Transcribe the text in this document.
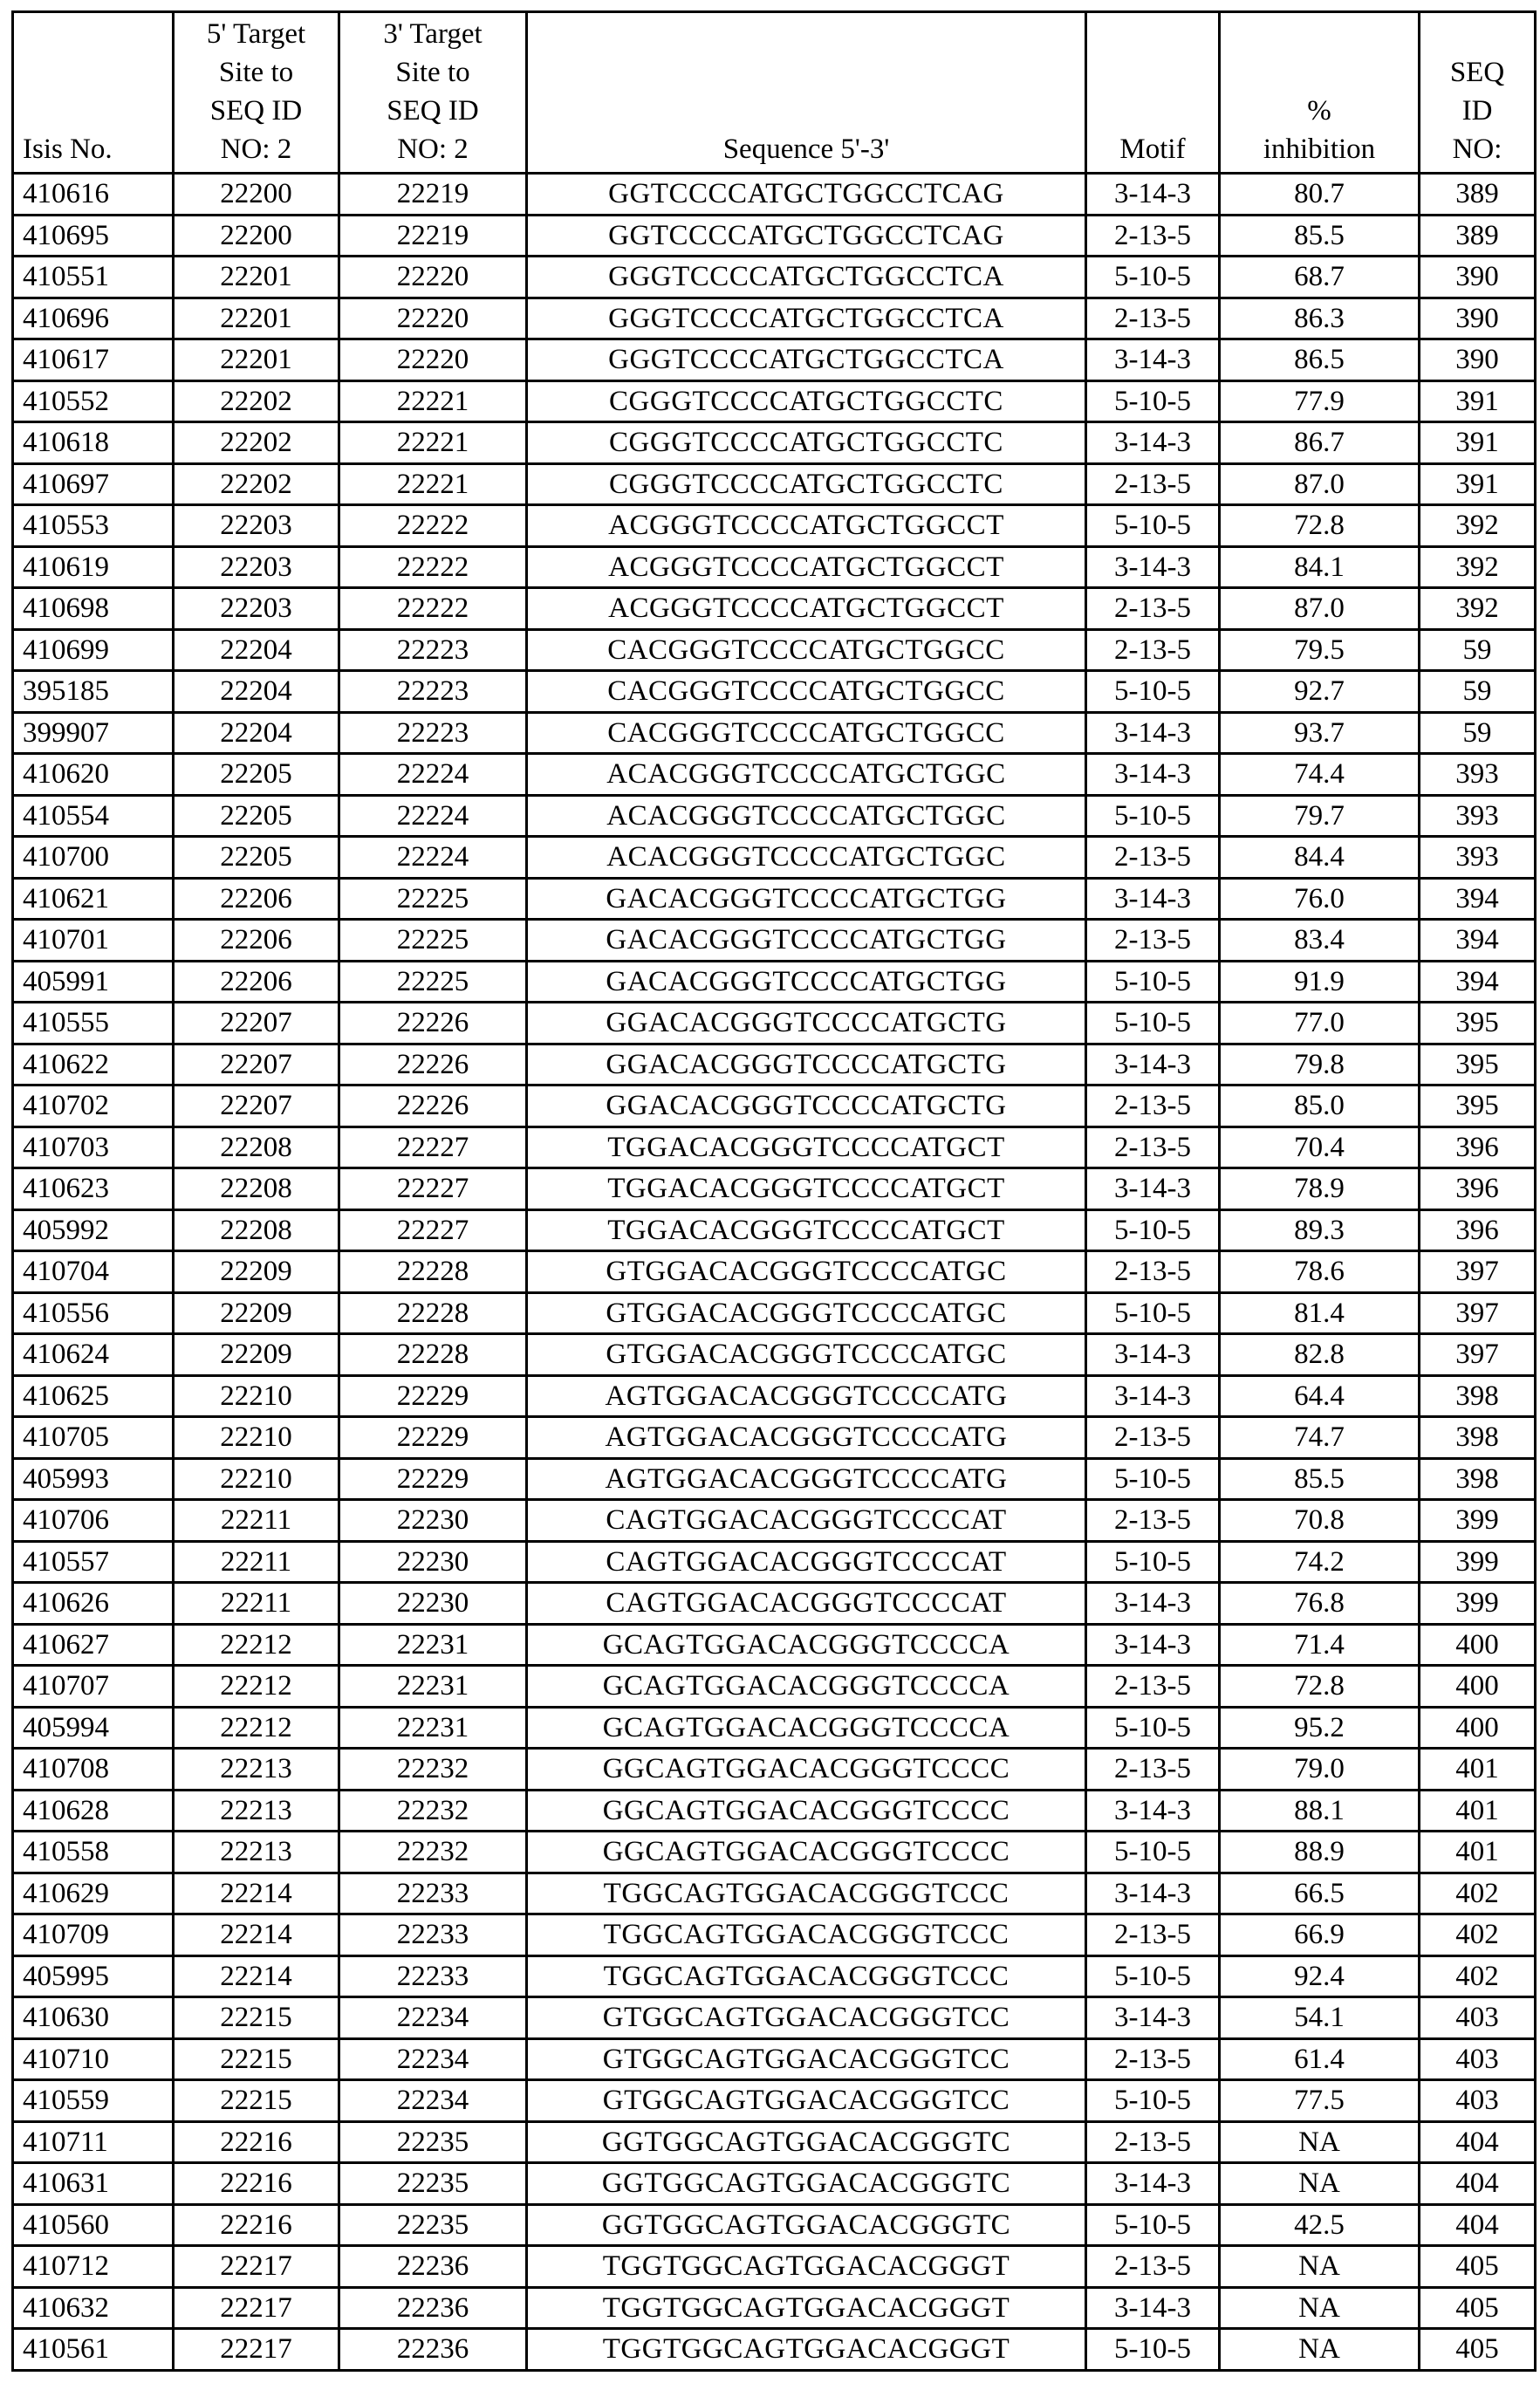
Isis No.	5' Target
Site to
SEQ ID
NO: 2	3' Target
Site to
SEQ ID
NO: 2	Sequence 5'-3'	Motif	%
inhibition	SEQ
ID
NO:
410616	22200	22219	GGTCCCCATGCTGGCCTCAG	3-14-3	80.7	389
410695	22200	22219	GGTCCCCATGCTGGCCTCAG	2-13-5	85.5	389
410551	22201	22220	GGGTCCCCATGCTGGCCTCA	5-10-5	68.7	390
410696	22201	22220	GGGTCCCCATGCTGGCCTCA	2-13-5	86.3	390
410617	22201	22220	GGGTCCCCATGCTGGCCTCA	3-14-3	86.5	390
410552	22202	22221	CGGGTCCCCATGCTGGCCTC	5-10-5	77.9	391
410618	22202	22221	CGGGTCCCCATGCTGGCCTC	3-14-3	86.7	391
410697	22202	22221	CGGGTCCCCATGCTGGCCTC	2-13-5	87.0	391
410553	22203	22222	ACGGGTCCCCATGCTGGCCT	5-10-5	72.8	392
410619	22203	22222	ACGGGTCCCCATGCTGGCCT	3-14-3	84.1	392
410698	22203	22222	ACGGGTCCCCATGCTGGCCT	2-13-5	87.0	392
410699	22204	22223	CACGGGTCCCCATGCTGGCC	2-13-5	79.5	59
395185	22204	22223	CACGGGTCCCCATGCTGGCC	5-10-5	92.7	59
399907	22204	22223	CACGGGTCCCCATGCTGGCC	3-14-3	93.7	59
410620	22205	22224	ACACGGGTCCCCATGCTGGC	3-14-3	74.4	393
410554	22205	22224	ACACGGGTCCCCATGCTGGC	5-10-5	79.7	393
410700	22205	22224	ACACGGGTCCCCATGCTGGC	2-13-5	84.4	393
410621	22206	22225	GACACGGGTCCCCATGCTGG	3-14-3	76.0	394
410701	22206	22225	GACACGGGTCCCCATGCTGG	2-13-5	83.4	394
405991	22206	22225	GACACGGGTCCCCATGCTGG	5-10-5	91.9	394
410555	22207	22226	GGACACGGGTCCCCATGCTG	5-10-5	77.0	395
410622	22207	22226	GGACACGGGTCCCCATGCTG	3-14-3	79.8	395
410702	22207	22226	GGACACGGGTCCCCATGCTG	2-13-5	85.0	395
410703	22208	22227	TGGACACGGGTCCCCATGCT	2-13-5	70.4	396
410623	22208	22227	TGGACACGGGTCCCCATGCT	3-14-3	78.9	396
405992	22208	22227	TGGACACGGGTCCCCATGCT	5-10-5	89.3	396
410704	22209	22228	GTGGACACGGGTCCCCATGC	2-13-5	78.6	397
410556	22209	22228	GTGGACACGGGTCCCCATGC	5-10-5	81.4	397
410624	22209	22228	GTGGACACGGGTCCCCATGC	3-14-3	82.8	397
410625	22210	22229	AGTGGACACGGGTCCCCATG	3-14-3	64.4	398
410705	22210	22229	AGTGGACACGGGTCCCCATG	2-13-5	74.7	398
405993	22210	22229	AGTGGACACGGGTCCCCATG	5-10-5	85.5	398
410706	22211	22230	CAGTGGACACGGGTCCCCAT	2-13-5	70.8	399
410557	22211	22230	CAGTGGACACGGGTCCCCAT	5-10-5	74.2	399
410626	22211	22230	CAGTGGACACGGGTCCCCAT	3-14-3	76.8	399
410627	22212	22231	GCAGTGGACACGGGTCCCCA	3-14-3	71.4	400
410707	22212	22231	GCAGTGGACACGGGTCCCCA	2-13-5	72.8	400
405994	22212	22231	GCAGTGGACACGGGTCCCCA	5-10-5	95.2	400
410708	22213	22232	GGCAGTGGACACGGGTCCCC	2-13-5	79.0	401
410628	22213	22232	GGCAGTGGACACGGGTCCCC	3-14-3	88.1	401
410558	22213	22232	GGCAGTGGACACGGGTCCCC	5-10-5	88.9	401
410629	22214	22233	TGGCAGTGGACACGGGTCCC	3-14-3	66.5	402
410709	22214	22233	TGGCAGTGGACACGGGTCCC	2-13-5	66.9	402
405995	22214	22233	TGGCAGTGGACACGGGTCCC	5-10-5	92.4	402
410630	22215	22234	GTGGCAGTGGACACGGGTCC	3-14-3	54.1	403
410710	22215	22234	GTGGCAGTGGACACGGGTCC	2-13-5	61.4	403
410559	22215	22234	GTGGCAGTGGACACGGGTCC	5-10-5	77.5	403
410711	22216	22235	GGTGGCAGTGGACACGGGTC	2-13-5	NA	404
410631	22216	22235	GGTGGCAGTGGACACGGGTC	3-14-3	NA	404
410560	22216	22235	GGTGGCAGTGGACACGGGTC	5-10-5	42.5	404
410712	22217	22236	TGGTGGCAGTGGACACGGGT	2-13-5	NA	405
410632	22217	22236	TGGTGGCAGTGGACACGGGT	3-14-3	NA	405
410561	22217	22236	TGGTGGCAGTGGACACGGGT	5-10-5	NA	405
